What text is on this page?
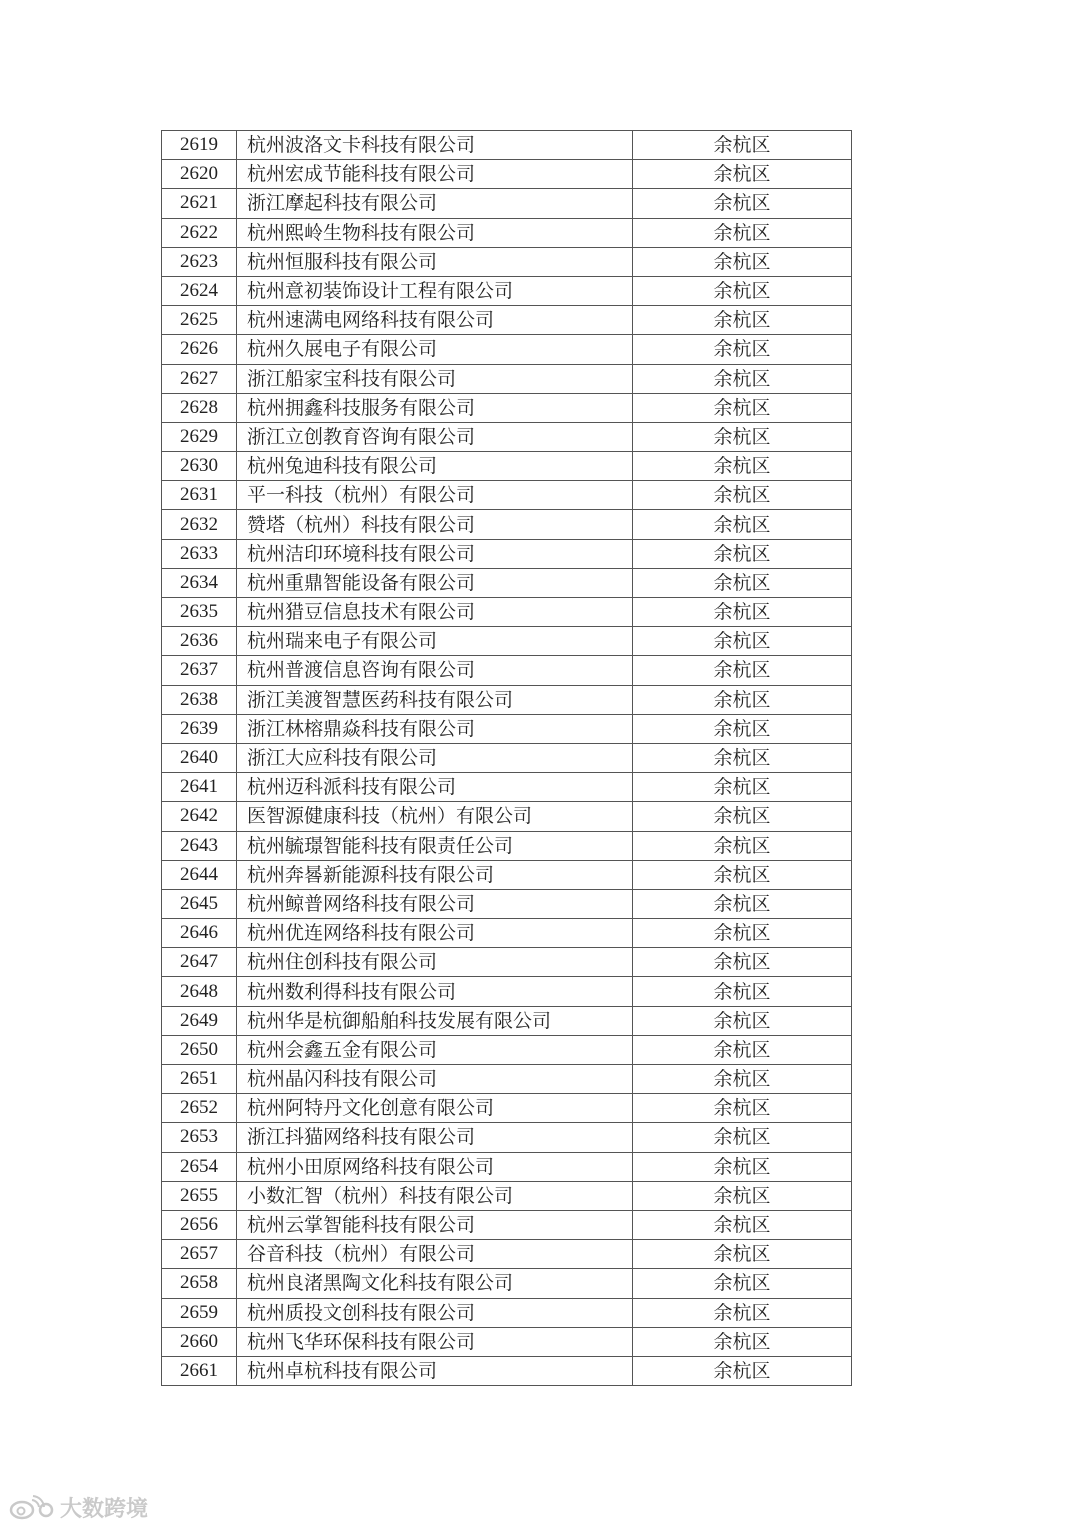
2619	杭州波洛文卡科技有限公司	余杭区
2620	杭州宏成节能科技有限公司	余杭区
2621	浙江摩起科技有限公司	余杭区
2622	杭州熙岭生物科技有限公司	余杭区
2623	杭州恒服科技有限公司	余杭区
2624	杭州意初装饰设计工程有限公司	余杭区
2625	杭州速满电网络科技有限公司	余杭区
2626	杭州久展电子有限公司	余杭区
2627	浙江船家宝科技有限公司	余杭区
2628	杭州拥鑫科技服务有限公司	余杭区
2629	浙江立创教育咨询有限公司	余杭区
2630	杭州兔迪科技有限公司	余杭区
2631	平一科技（杭州）有限公司	余杭区
2632	赞塔（杭州）科技有限公司	余杭区
2633	杭州洁印环境科技有限公司	余杭区
2634	杭州重鼎智能设备有限公司	余杭区
2635	杭州猎豆信息技术有限公司	余杭区
2636	杭州瑞来电子有限公司	余杭区
2637	杭州普渡信息咨询有限公司	余杭区
2638	浙江美渡智慧医药科技有限公司	余杭区
2639	浙江林榕鼎焱科技有限公司	余杭区
2640	浙江大应科技有限公司	余杭区
2641	杭州迈科派科技有限公司	余杭区
2642	医智源健康科技（杭州）有限公司	余杭区
2643	杭州毓璟智能科技有限责任公司	余杭区
2644	杭州奔晷新能源科技有限公司	余杭区
2645	杭州鲸普网络科技有限公司	余杭区
2646	杭州优连网络科技有限公司	余杭区
2647	杭州住创科技有限公司	余杭区
2648	杭州数利得科技有限公司	余杭区
2649	杭州华是杭御船舶科技发展有限公司	余杭区
2650	杭州会鑫五金有限公司	余杭区
2651	杭州晶闪科技有限公司	余杭区
2652	杭州阿特丹文化创意有限公司	余杭区
2653	浙江抖猫网络科技有限公司	余杭区
2654	杭州小田原网络科技有限公司	余杭区
2655	小数汇智（杭州）科技有限公司	余杭区
2656	杭州云掌智能科技有限公司	余杭区
2657	谷音科技（杭州）有限公司	余杭区
2658	杭州良渚黑陶文化科技有限公司	余杭区
2659	杭州质投文创科技有限公司	余杭区
2660	杭州飞华环保科技有限公司	余杭区
2661	杭州卓杭科技有限公司	余杭区
大数跨境
